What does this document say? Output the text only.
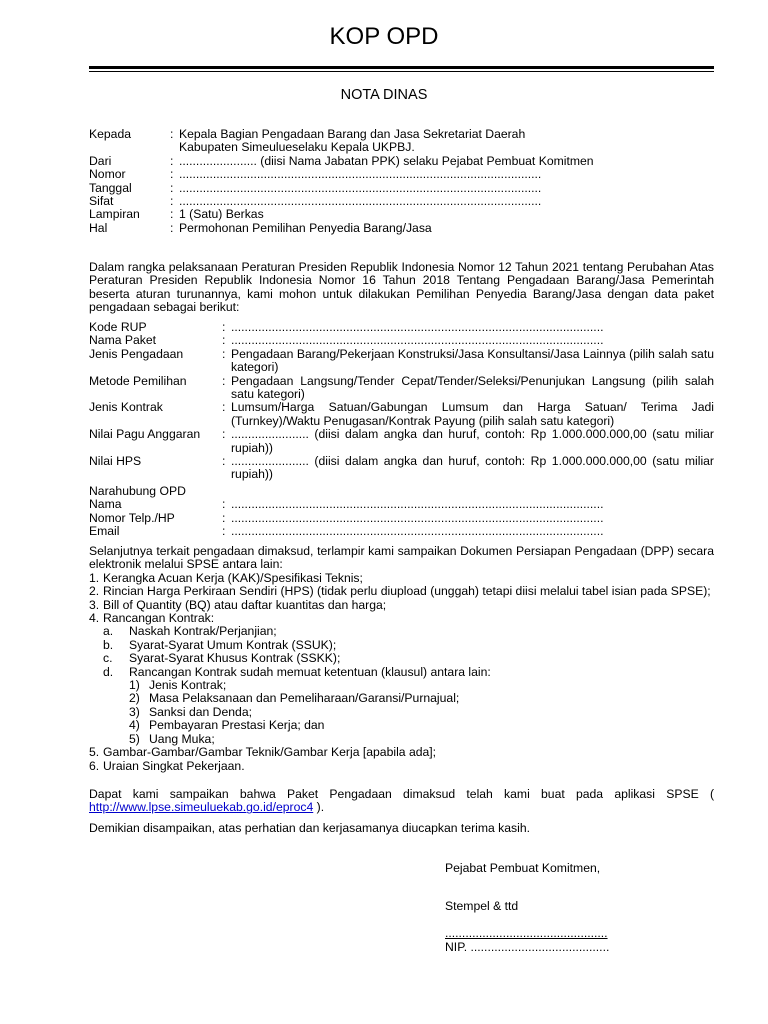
KOP OPD
NOTA DINAS
Kepada	: Kepala Bagian Pengadaan Barang dan Jasa Sekretariat Daerah
Kabupaten Simeulueselaku Kepala UKPBJ.
Dari	: ....................... (diisi Nama Jabatan PPK) selaku Pejabat Pembuat Komitmen
Nomor	: ...........................................................................................................
Tanggal	: ...........................................................................................................
Sifat	: ...........................................................................................................
Lampiran	: 1 (Satu) Berkas
Hal	: Permohonan Pemilihan Penyedia Barang/Jasa
Dalam rangka pelaksanaan Peraturan Presiden Republik Indonesia Nomor 12 Tahun 2021 tentang Perubahan Atas Peraturan Presiden Republik Indonesia Nomor 16 Tahun 2018 Tentang Pengadaan Barang/Jasa Pemerintah beserta aturan turunannya, kami mohon untuk dilakukan Pemilihan Penyedia Barang/Jasa dengan data paket pengadaan sebagai berikut:
Kode RUP	: ..............................................................................................................
Nama Paket	: ..............................................................................................................
Jenis Pengadaan	: Pengadaan Barang/Pekerjaan Konstruksi/Jasa Konsultansi/Jasa Lainnya (pilih salah satu kategori)
Metode Pemilihan	: Pengadaan Langsung/Tender Cepat/Tender/Seleksi/Penunjukan Langsung (pilih salah satu kategori)
Jenis Kontrak	: Lumsum/Harga Satuan/Gabungan Lumsum dan Harga Satuan/ Terima Jadi (Turnkey)/Waktu Penugasan/Kontrak Payung (pilih salah satu kategori)
Nilai Pagu Anggaran	: ....................... (diisi dalam angka dan huruf, contoh: Rp 1.000.000.000,00 (satu miliar rupiah))
Nilai HPS	: ....................... (diisi dalam angka dan huruf, contoh: Rp 1.000.000.000,00 (satu miliar rupiah))
Narahubung OPD
Nama	: ..............................................................................................................
Nomor Telp./HP	: ..............................................................................................................
Email	: ..............................................................................................................
Selanjutnya terkait pengadaan dimaksud, terlampir kami sampaikan Dokumen Persiapan Pengadaan (DPP) secara elektronik melalui SPSE antara lain:
1. Kerangka Acuan Kerja (KAK)/Spesifikasi Teknis;
2. Rincian Harga Perkiraan Sendiri (HPS) (tidak perlu diupload (unggah) tetapi diisi melalui tabel isian pada SPSE);
3. Bill of Quantity (BQ) atau daftar kuantitas dan harga;
4. Rancangan Kontrak:
a.	Naskah Kontrak/Perjanjian;
b.	Syarat-Syarat Umum Kontrak (SSUK);
c.	Syarat-Syarat Khusus Kontrak (SSKK);
d.	Rancangan Kontrak sudah memuat ketentuan (klausul) antara lain:
1) Jenis Kontrak;
2) Masa Pelaksanaan dan Pemeliharaan/Garansi/Purnajual;
3) Sanksi dan Denda;
4) Pembayaran Prestasi Kerja; dan
5) Uang Muka;
5. Gambar-Gambar/Gambar Teknik/Gambar Kerja [apabila ada];
6. Uraian Singkat Pekerjaan.
Dapat kami sampaikan bahwa Paket Pengadaan dimaksud telah kami buat pada aplikasi SPSE ( http://www.lpse.simeuluekab.go.id/eproc4 ).
Demikian disampaikan, atas perhatian dan kerjasamanya diucapkan terima kasih.
Pejabat Pembuat Komitmen,
Stempel & ttd
................................................
NIP. .........................................
